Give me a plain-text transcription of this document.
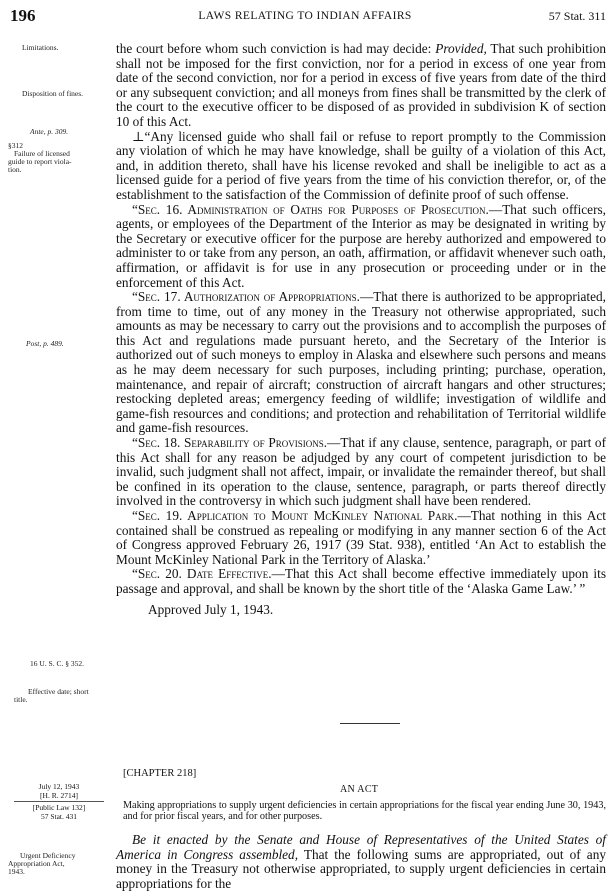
196	LAWS RELATING TO INDIAN AFFAIRS	57 Stat. 311
Limitations.
Disposition of fines.
Ante, p. 309.
§312
Failure of licensed
guide to report viola-
tion.
Post, p. 489.
16 U. S. C. § 352.
Effective date; short
title.
July 12, 1943
[H. R. 2714]
[Public Law 132]
57 Stat. 431
Urgent Deficiency
Appropriation Act,
1943.

the court before whom such conviction is had may decide: Provided, That such prohibition shall not be imposed for the first conviction, nor for a period in excess of one year from date of the second conviction, nor for a period in excess of five years from date of the third or any subsequent conviction; and all moneys from fines shall be transmitted by the clerk of the court to the executive officer to be disposed of as provided in subdivision K of section 10 of this Act.

⊥“Any licensed guide who shall fail or refuse to report promptly to the Commission any violation of which he may have knowledge, shall be guilty of a violation of this Act, and, in addition thereto, shall have his license revoked and shall be ineligible to act as a licensed guide for a period of five years from the time of his conviction therefor, or, of the establishment to the satisfaction of the Commission of definite proof of such offense.

“Sec. 16. Administration of Oaths for Purposes of Prosecution.—That such officers, agents, or employees of the Department of the Interior as may be designated in writing by the Secretary or executive officer for the purpose are hereby authorized and empowered to administer to or take from any person, an oath, affirmation, or affidavit whenever such oath, affirmation, or affidavit is for use in any prosecution or proceeding under or in the enforcement of this Act.

“Sec. 17. Authorization of Appropriations.—That there is authorized to be appropriated, from time to time, out of any money in the Treasury not otherwise appropriated, such amounts as may be necessary to carry out the provisions and to accomplish the purposes of this Act and regulations made pursuant hereto, and the Secretary of the Interior is authorized out of such moneys to employ in Alaska and elsewhere such persons and means as he may deem necessary for such purposes, including printing; purchase, operation, maintenance, and repair of aircraft; construction of aircraft hangars and other structures; restocking depleted areas; emergency feeding of wildlife; investigation of wildlife and game-fish resources and conditions; and protection and rehabilitation of Territorial wildlife and game-fish resources.

“Sec. 18. Separability of Provisions.—That if any clause, sentence, paragraph, or part of this Act shall for any reason be adjudged by any court of competent jurisdiction to be invalid, such judgment shall not affect, impair, or invalidate the remainder thereof, but shall be confined in its operation to the clause, sentence, paragraph, or parts thereof directly involved in the controversy in which such judgment shall have been rendered.

“Sec. 19. Application to Mount McKinley National Park.—That nothing in this Act contained shall be construed as repealing or modifying in any manner section 6 of the Act of Congress approved February 26, 1917 (39 Stat. 938), entitled ‘An Act to establish the Mount McKinley National Park in the Territory of Alaska.’

“Sec. 20. Date Effective.—That this Act shall become effective immediately upon its passage and approval, and shall be known by the short title of the ‘Alaska Game Law.’ ”

Approved July 1, 1943.

[CHAPTER 218]
AN ACT
Making appropriations to supply urgent deficiencies in certain appropriations for the fiscal year ending June 30, 1943, and for prior fiscal years, and for other purposes.
Be it enacted by the Senate and House of Representatives of the United States of America in Congress assembled, That the following sums are appropriated, out of any money in the Treasury not otherwise appropriated, to supply urgent deficiencies in certain appropriations for the
